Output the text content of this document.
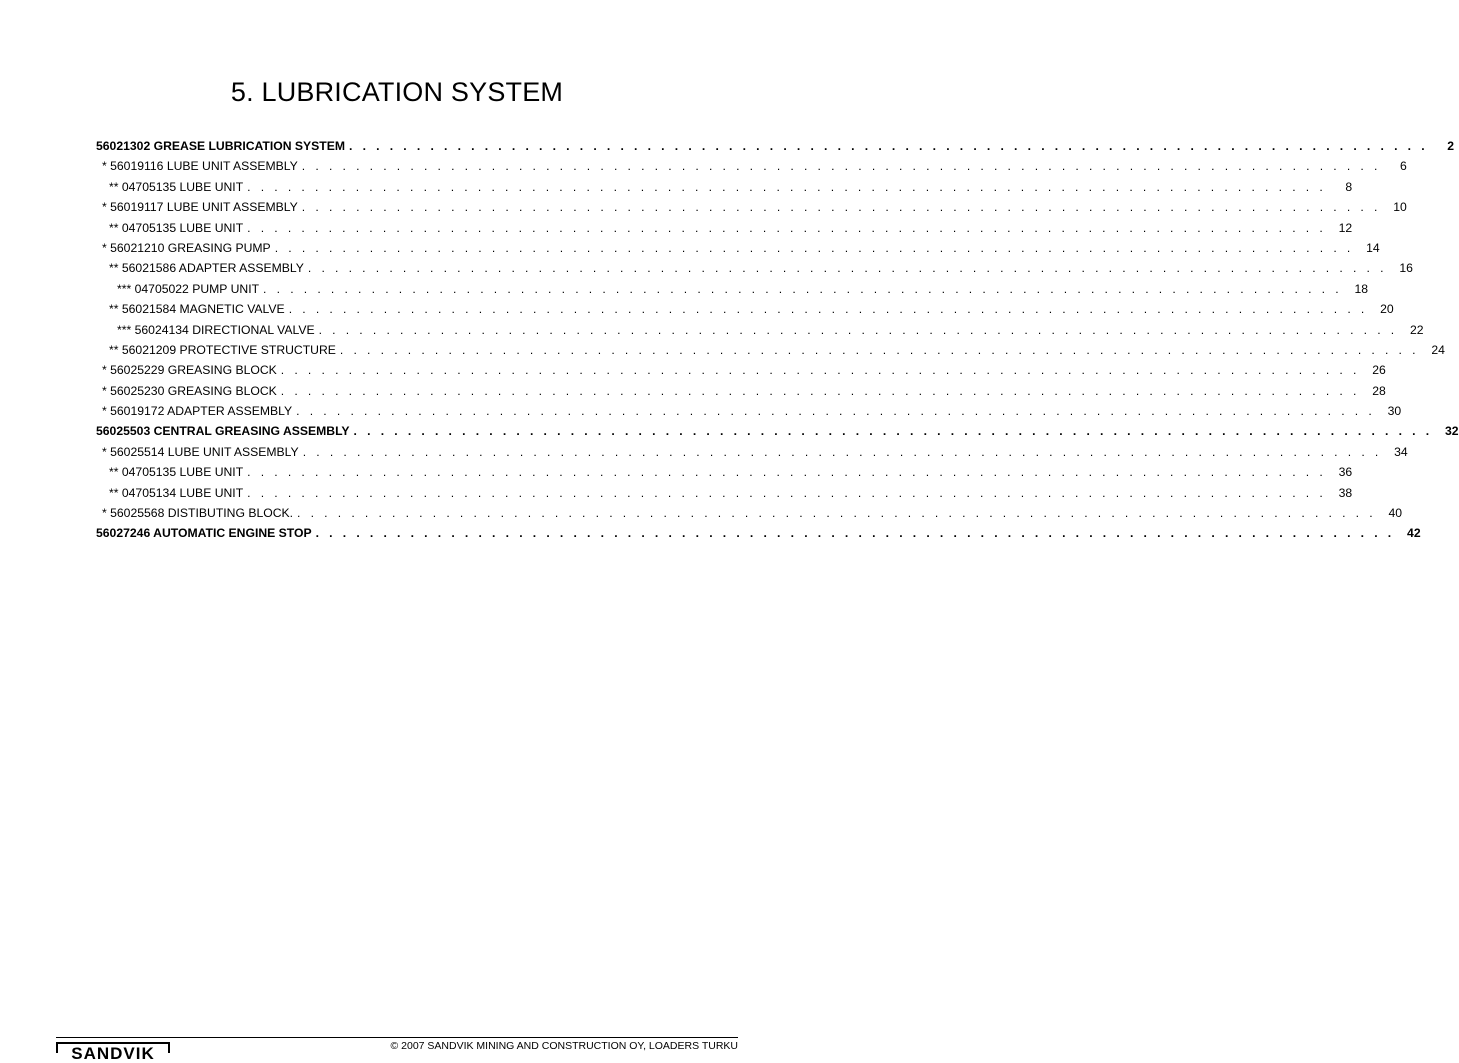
5. LUBRICATION SYSTEM
56021302 GREASE LUBRICATION SYSTEM . . . . . . . . . . . . . . . . . . . . . . . . . . . . . . . . . . . . . . . . . . . . . . . . . . . . . . . . . . . . . . . . . . . . . . . . . . . . . . . .	2
* 56019116 LUBE UNIT ASSEMBLY . . . . . . . . . . . . . . . . . . . . . . . . . . . . . . . . . . . . . . . . . . . . . . . . . . . . . . . . . . . . . . . . . . . . . . . . . . . . . . . .	6
** 04705135 LUBE UNIT . . . . . . . . . . . . . . . . . . . . . . . . . . . . . . . . . . . . . . . . . . . . . . . . . . . . . . . . . . . . . . . . . . . . . . . . . . . . . . . .	8
* 56019117 LUBE UNIT ASSEMBLY . . . . . . . . . . . . . . . . . . . . . . . . . . . . . . . . . . . . . . . . . . . . . . . . . . . . . . . . . . . . . . . . . . . . . . . . . . . . . . . .	10
** 04705135 LUBE UNIT . . . . . . . . . . . . . . . . . . . . . . . . . . . . . . . . . . . . . . . . . . . . . . . . . . . . . . . . . . . . . . . . . . . . . . . . . . . . . . . .	12
* 56021210 GREASING PUMP . . . . . . . . . . . . . . . . . . . . . . . . . . . . . . . . . . . . . . . . . . . . . . . . . . . . . . . . . . . . . . . . . . . . . . . . . . . . . . . .	14
** 56021586 ADAPTER ASSEMBLY . . . . . . . . . . . . . . . . . . . . . . . . . . . . . . . . . . . . . . . . . . . . . . . . . . . . . . . . . . . . . . . . . . . . . . . . . . . . . . . .	16
*** 04705022 PUMP UNIT . . . . . . . . . . . . . . . . . . . . . . . . . . . . . . . . . . . . . . . . . . . . . . . . . . . . . . . . . . . . . . . . . . . . . . . . . . . . . . . .	18
** 56021584 MAGNETIC VALVE . . . . . . . . . . . . . . . . . . . . . . . . . . . . . . . . . . . . . . . . . . . . . . . . . . . . . . . . . . . . . . . . . . . . . . . . . . . . . . . .	20
*** 56024134 DIRECTIONAL VALVE . . . . . . . . . . . . . . . . . . . . . . . . . . . . . . . . . . . . . . . . . . . . . . . . . . . . . . . . . . . . . . . . . . . . . . . . . . . . . . . .	22
** 56021209 PROTECTIVE STRUCTURE . . . . . . . . . . . . . . . . . . . . . . . . . . . . . . . . . . . . . . . . . . . . . . . . . . . . . . . . . . . . . . . . . . . . . . . . . . . . . . . .	24
* 56025229 GREASING BLOCK . . . . . . . . . . . . . . . . . . . . . . . . . . . . . . . . . . . . . . . . . . . . . . . . . . . . . . . . . . . . . . . . . . . . . . . . . . . . . . . .	26
* 56025230 GREASING BLOCK . . . . . . . . . . . . . . . . . . . . . . . . . . . . . . . . . . . . . . . . . . . . . . . . . . . . . . . . . . . . . . . . . . . . . . . . . . . . . . . .	28
* 56019172 ADAPTER ASSEMBLY . . . . . . . . . . . . . . . . . . . . . . . . . . . . . . . . . . . . . . . . . . . . . . . . . . . . . . . . . . . . . . . . . . . . . . . . . . . . . . . .	30
56025503 CENTRAL GREASING ASSEMBLY . . . . . . . . . . . . . . . . . . . . . . . . . . . . . . . . . . . . . . . . . . . . . . . . . . . . . . . . . . . . . . . . . . . . . . . . . . . . . . . .	32
* 56025514 LUBE UNIT ASSEMBLY . . . . . . . . . . . . . . . . . . . . . . . . . . . . . . . . . . . . . . . . . . . . . . . . . . . . . . . . . . . . . . . . . . . . . . . . . . . . . . . .	34
** 04705135 LUBE UNIT . . . . . . . . . . . . . . . . . . . . . . . . . . . . . . . . . . . . . . . . . . . . . . . . . . . . . . . . . . . . . . . . . . . . . . . . . . . . . . . .	36
** 04705134 LUBE UNIT . . . . . . . . . . . . . . . . . . . . . . . . . . . . . . . . . . . . . . . . . . . . . . . . . . . . . . . . . . . . . . . . . . . . . . . . . . . . . . . .	38
* 56025568 DISTIBUTING BLOCK. . . . . . . . . . . . . . . . . . . . . . . . . . . . . . . . . . . . . . . . . . . . . . . . . . . . . . . . . . . . . . . . . . . . . . . . . . . . . . . . .	40
56027246 AUTOMATIC ENGINE STOP . . . . . . . . . . . . . . . . . . . . . . . . . . . . . . . . . . . . . . . . . . . . . . . . . . . . . . . . . . . . . . . . . . . . . . . . . . . . . . . .	42
SANDVIK	© 2007 SANDVIK MINING AND CONSTRUCTION OY, LOADERS TURKU
